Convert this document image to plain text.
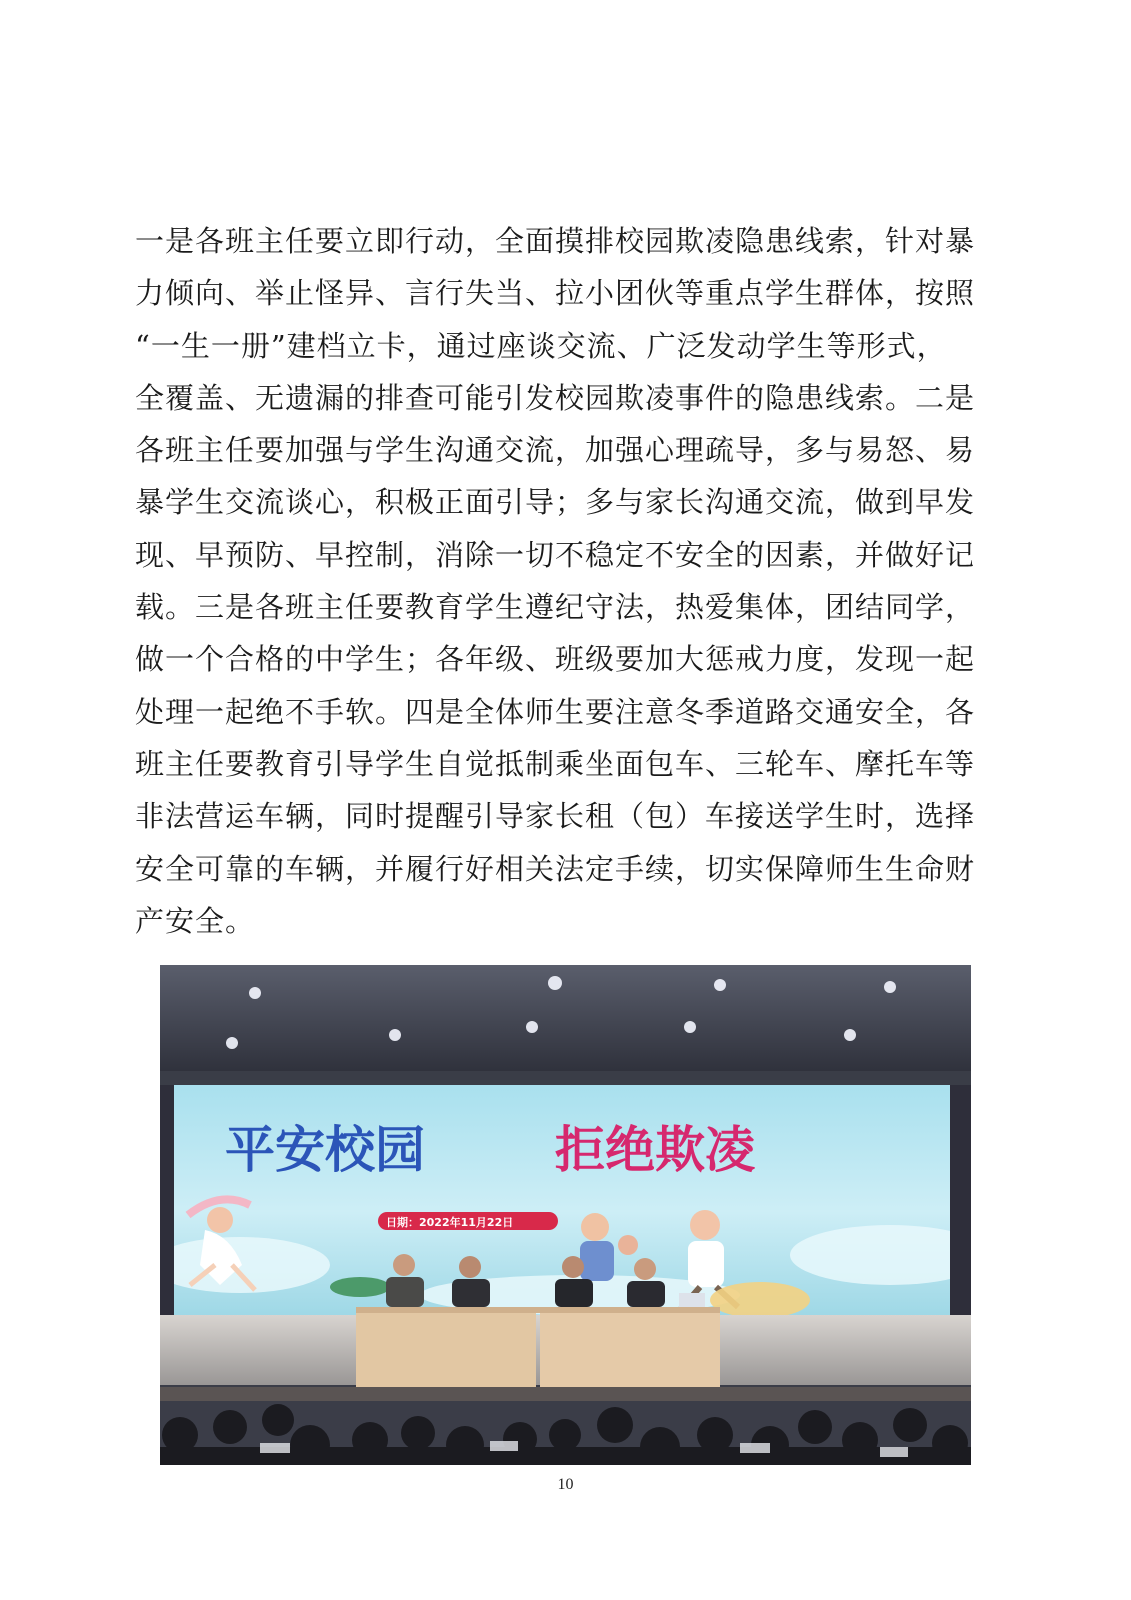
一是各班主任要立即行动，全面摸排校园欺凌隐患线索，针对暴
力倾向、举止怪异、言行失当、拉小团伙等重点学生群体，按照
“一生一册”建档立卡，通过座谈交流、广泛发动学生等形式，
全覆盖、无遗漏的排查可能引发校园欺凌事件的隐患线索。二是
各班主任要加强与学生沟通交流，加强心理疏导，多与易怒、易
暴学生交流谈心，积极正面引导；多与家长沟通交流，做到早发
现、早预防、早控制，消除一切不稳定不安全的因素，并做好记
载。三是各班主任要教育学生遵纪守法，热爱集体，团结同学，
做一个合格的中学生；各年级、班级要加大惩戒力度，发现一起
处理一起绝不手软。四是全体师生要注意冬季道路交通安全，各
班主任要教育引导学生自觉抵制乘坐面包车、三轮车、摩托车等
非法营运车辆，同时提醒引导家长租（包）车接送学生时，选择
安全可靠的车辆，并履行好相关法定手续，切实保障师生生命财
产安全。

平安校园	拒绝欺凌
日期：2022年11月22日
10
